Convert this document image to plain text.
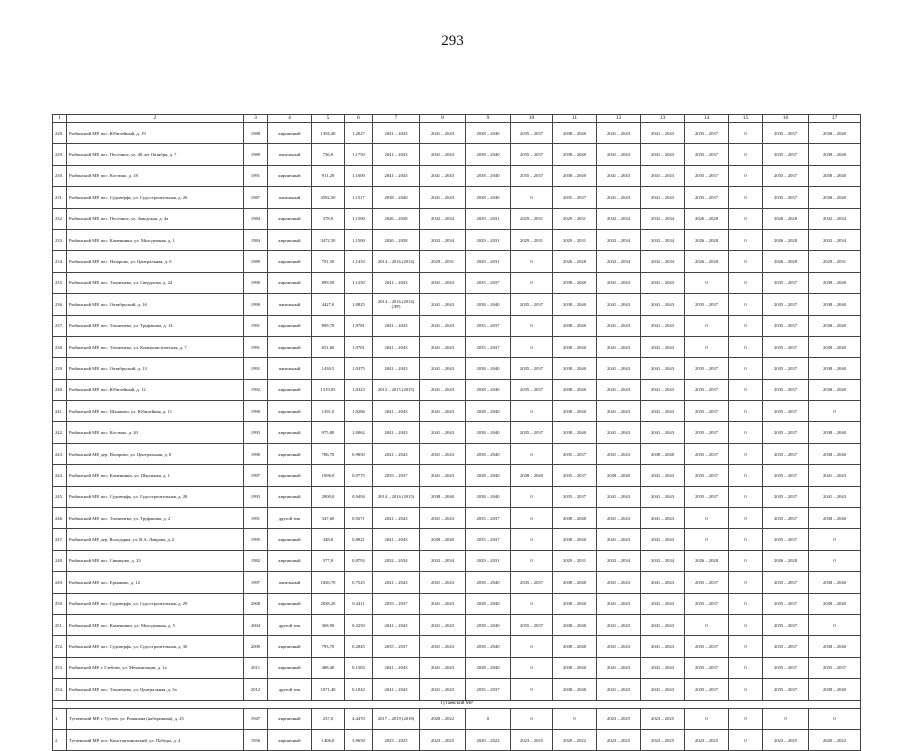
293
1	2	3	4	5	6	7	8	9	10	11	12	13	14	15	16	17
228.	Рыбинский МР, пос. Юбилейный, д. 19	1988	кирпичный	1394,40	1,2027	2041 – 2043	2041 – 2043	2038 – 2040	2035 – 2037	2038 – 2040	2041 – 2043	2041 – 2043	2035 – 2037	0	2035 – 2037	2038 – 2040
229.	Рыбинский МР, пос. Песочное, ул. 40 лет Октября, д. 7	1989	панельный	736,0	1,1750	2041 – 2043	2041 – 2043	2038 – 2040	2035 – 2037	2038 – 2040	2041 – 2043	2041 – 2043	2035 – 2037	0	2035 – 2037	2038 – 2040
230.	Рыбинский МР, пос. Костино, д. 18	1991	кирпичный	911,20	1,1600	2041 – 2043	2041 – 2043	2038 – 2040	2035 – 2037	2038 – 2040	2041 – 2043	2041 – 2043	2035 – 2037	0	2035 – 2037	2038 – 2040
231.	Рыбинский МР, пос. Судоверфь, ул. Судостроительная, д. 26	1987	панельный	4592,50	1,1517	2038 – 2040	2041 – 2043	2038 – 2040	0	2035 – 2037	2041 – 2043	2041 – 2043	2035 – 2037	0	2035 – 2037	2038 – 2040
232.	Рыбинский МР, пос. Песочное, ул. Заводская, д. 4а	1984	кирпичный	378,0	1,1500	2026 – 2028	2032 – 2034	2029 – 2031	2029 – 2031	2029 – 2031	2032 – 2034	2032 – 2034	2026 – 2028	0	2026 – 2028	2032 – 2034
233.	Рыбинский МР, пос. Каменники, ул. Молодежная, д. 1	1984	кирпичный	3472,50	1,1500	2026 – 2028	2032 – 2034	2029 – 2031	2029 – 2031	2029 – 2031	2032 – 2034	2032 – 2034	2026 – 2028	0	2026 – 2028	2032 – 2034
234.	Рыбинский МР, пос. Назарово, ул. Центральная, д. 6	1989	кирпичный	701,50	1,1433	2014 – 2016 (2014)	2029 – 2031	2029 – 2031	0	2026 – 2028	2032 – 2034	2032 – 2034	2026 – 2028	0	2026 – 2028	2029 – 2031
235.	Рыбинский МР, пос. Тихменево, ул. Свердлова, д. 24	1990	кирпичный	899,50	1,1250	2041 – 2043	2041 – 2043	2035 – 2037	0	2038 – 2040	2041 – 2043	2041 – 2043	0	0	2035 – 2037	2038 – 2040
236.	Рыбинский МР, пос. Октябрьский, д. 16	1990	панельный	4427,0	1,0825	2014 – 2016 (2014) (ЛР)	2041 – 2043	2038 – 2040	2035 – 2037	2038 – 2040	2041 – 2043	2041 – 2043	2035 – 2037	0	2035 – 2037	2038 – 2040
237.	Рыбинский МР, пос. Тихменево, ул. Труфанова, д. 14	1991	кирпичный	899,70	1,0781	2041 – 2043	2041 – 2043	2035 – 2037	0	2038 – 2040	2041 – 2043	2041 – 2043	0	0	2035 – 2037	2038 – 2040
238.	Рыбинский МР, пос. Тихменево, ул. Коммунистическая, д. 7	1991	кирпичный	651,60	1,0781	2041 – 2043	2041 – 2043	2035 – 2037	0	2038 – 2040	2041 – 2043	2041 – 2043	0	0	2035 – 2037	2038 – 2040
239.	Рыбинский МР, пос. Октябрьский, д. 13	1991	панельный	1430,5	1,0375	2041 – 2043	2041 – 2043	2038 – 2040	2035 – 2037	2038 – 2040	2041 – 2043	2041 – 2043	2035 – 2037	0	2035 – 2037	2038 – 2040
240.	Рыбинский МР, пос. Юбилейный, д. 12	1992	кирпичный	1319,05	1,0323	2013 – 2015 (2015)	2041 – 2043	2038 – 2040	2035 – 2037	2038 – 2040	2041 – 2043	2041 – 2043	2035 – 2037	0	2035 – 2037	2038 – 2040
241.	Рыбинский МР, пос. Шашково, ул. Юбилейная, д. 11	1990	кирпичный	1291,0	1,0286	2041 – 2043	2041 – 2043	2038 – 2040	0	2038 – 2040	2041 – 2043	2041 – 2043	2035 – 2037	0	2035 – 2037	0
242.	Рыбинский МР, пос. Костино, д. 20	1993	кирпичный	975,80	1,0062	2041 – 2043	2041 – 2043	2038 – 2040	2035 – 2037	2038 – 2040	2041 – 2043	2041 – 2043	2035 – 2037	0	2035 – 2037	2038 – 2040
243.	Рыбинский МР, дер. Назарово, ул. Центральная, д. 8	1990	кирпичный	786,70	0,9850	2041 – 2043	2041 – 2043	2038 – 2040	0	2035 – 2037	2041 – 2043	2038 – 2040	2035 – 2037	0	2035 – 2037	2038 – 2040
244.	Рыбинский МР, пос. Каменники, ул. Школьная, д. 1	1997	кирпичный	1096,0	0,9775	2035 – 2037	2041 – 2043	2038 – 2040	2038 – 2040	2035 – 2037	2038 – 2040	2041 – 2043	2035 – 2037	0	2035 – 2037	2041 – 2043
245.	Рыбинский МР, пос. Судоверфь, ул. Судостроительная, д. 28	1993	кирпичный	2800,0	0,9494	2014 – 2016 (2015)	2038 – 2040	2038 – 2040	0	2035 – 2037	2041 – 2043	2041 – 2043	2035 – 2037	0	2035 – 2037	2041 – 2043
246.	Рыбинский МР, пос. Тихменево, ул. Труфанова, д. 2	1991	другой тип	347,60	0,9271	2041 – 2043	2041 – 2043	2035 – 2037	0	2038 – 2040	2041 – 2043	2041 – 2043	0	0	2035 – 2037	2038 – 2040
247.	Рыбинский МР, дер. Володарка, ул. В.А. Лаврова, д. 2	1995	кирпичный	348,0	0,8821	2041 – 2043	2038 – 2040	2035 – 2037	0	2038 – 2040	2041 – 2043	2041 – 2043	0	0	2035 – 2037	0
248.	Рыбинский МР, пос. Свинцово, д. 23	1982	кирпичный	577,0	0,8792	2032 – 2034	2032 – 2034	2029 – 2031	0	2029 – 2031	2032 – 2034	2032 – 2034	2026 – 2028	0	2026 – 2028	0
249.	Рыбинский МР, пос. Ермаково, д. 12	1997	панельный	1826,70	0,7525	2041 – 2043	2041 – 2043	2038 – 2040	2035 – 2037	2038 – 2040	2041 – 2043	2041 – 2043	2035 – 2037	0	2035 – 2037	2038 – 2040
250.	Рыбинский МР, пос. Судоверфь, ул. Судостроительная, д. 29	2008	кирпичный	2838,20	0,3411	2035 – 2037	2041 – 2043	2038 – 2040	0	2038 – 2040	2041 – 2043	2041 – 2043	2035 – 2037	0	2035 – 2037	2038 – 2040
251.	Рыбинский МР, пос. Каменники, ул. Молодежная, д. 5	2004	другой тип	368,90	0,3250	2041 – 2043	2041 – 2043	2038 – 2040	2035 – 2037	2038 – 2040	2041 – 2043	2041 – 2043	0	0	2035 – 2037	0
252.	Рыбинский МР, пос. Судоверфь, ул. Судостроительная, д. 30	2009	кирпичный	793,70	0,2845	2035 – 2037	2041 – 2043	2038 – 2040	0	2038 – 2040	2041 – 2043	2041 – 2043	2035 – 2037	0	2035 – 2037	2038 – 2040
253.	Рыбинский МР, г. Глебово, ул. Механизации, д. 1а	2011	кирпичный	488,40	0,1583	2041 – 2043	2041 – 2043	2038 – 2040	0	2038 – 2040	2041 – 2043	2041 – 2043	2035 – 2037	0	2035 – 2037	2035 – 2037
254.	Рыбинский МР, пос. Тихменево, ул. Центральная, д. 3а	2012	другой тип	1071,40	0,1042	2041 – 2043	2041 – 2043	2035 – 2037	0	2038 – 2040	2041 – 2043	2041 – 2043	2035 – 2037	0	2035 – 2037	2038 – 2040
Тутаевский МР																
1.	Тутаевский МР, г. Тутаев, ул. Романова (набережная), д. 25	1947	кирпичный	237,0	4,4470	2017 – 2019 (2018)	2020 – 2022	0	0	0	2023 – 2025	2023 – 2025	0	0	0	0
2.	Тутаевский МР, пос. Константиновский, ул. Победы, д. 4	1956	кирпичный	1406,0	3,9650	2023 – 2025	2023 – 2025	2020 – 2022	2023 – 2025	2020 – 2022	2023 – 2025	2023 – 2025	2023 – 2025	0	2023 – 2025	2020 – 2022
